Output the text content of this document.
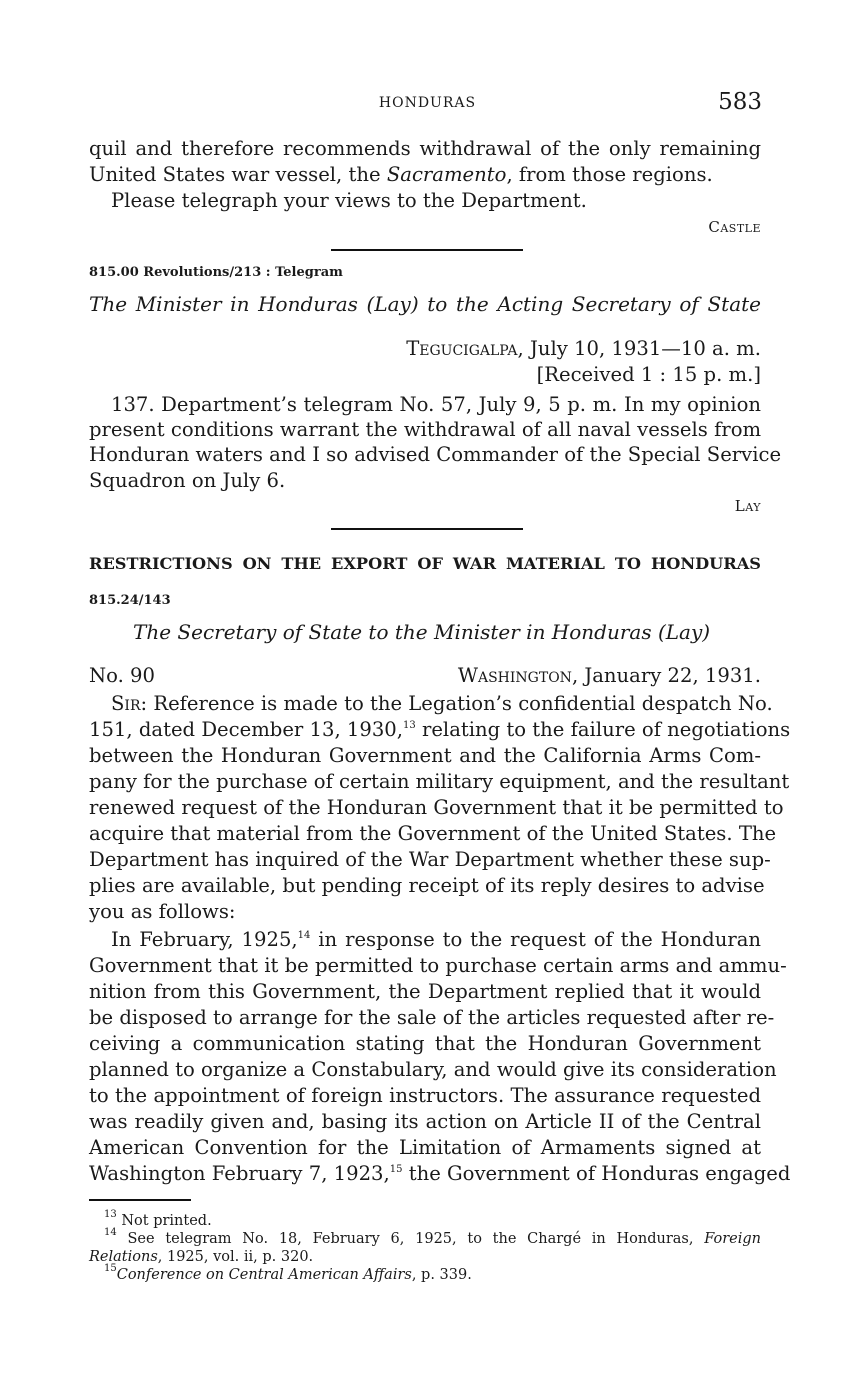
HONDURAS	583
quil and therefore recommends withdrawal of the only remaining
United States war vessel, the Sacramento, from those regions.
Please telegraph your views to the Department.
Castle
815.00 Revolutions/213 : Telegram
The Minister in Honduras (Lay) to the Acting Secretary of State
Tegucigalpa, July 10, 1931—10 a. m.
[Received 1 : 15 p. m.]
137. Department’s telegram No. 57, July 9, 5 p. m. In my opinion
present conditions warrant the withdrawal of all naval vessels from
Honduran waters and I so advised Commander of the Special Service
Squadron on July 6.
Lay
RESTRICTIONS ON THE EXPORT OF WAR MATERIAL TO HONDURAS
815.24/143
The Secretary of State to the Minister in Honduras (Lay)
No. 90	Washington, January 22, 1931.
Sir: Reference is made to the Legation’s confidential despatch No.
151, dated December 13, 1930,13 relating to the failure of negotiations
between the Honduran Government and the California Arms Com-
pany for the purchase of certain military equipment, and the resultant
renewed request of the Honduran Government that it be permitted to
acquire that material from the Government of the United States. The
Department has inquired of the War Department whether these sup-
plies are available, but pending receipt of its reply desires to advise
you as follows:
In February, 1925,14 in response to the request of the Honduran
Government that it be permitted to purchase certain arms and ammu-
nition from this Government, the Department replied that it would
be disposed to arrange for the sale of the articles requested after re-
ceiving a communication stating that the Honduran Government
planned to organize a Constabulary, and would give its consideration
to the appointment of foreign instructors. The assurance requested
was readily given and, basing its action on Article II of the Central
American Convention for the Limitation of Armaments signed at
Washington February 7, 1923,15 the Government of Honduras engaged
$^{13}$ Not printed.
$^{14}$ See telegram No. 18, February 6, 1925, to the Chargé in Honduras, Foreign
Relations, 1925, vol. ii, p. 320.
$^{15}$Conference on Central American Affairs, p. 339.
